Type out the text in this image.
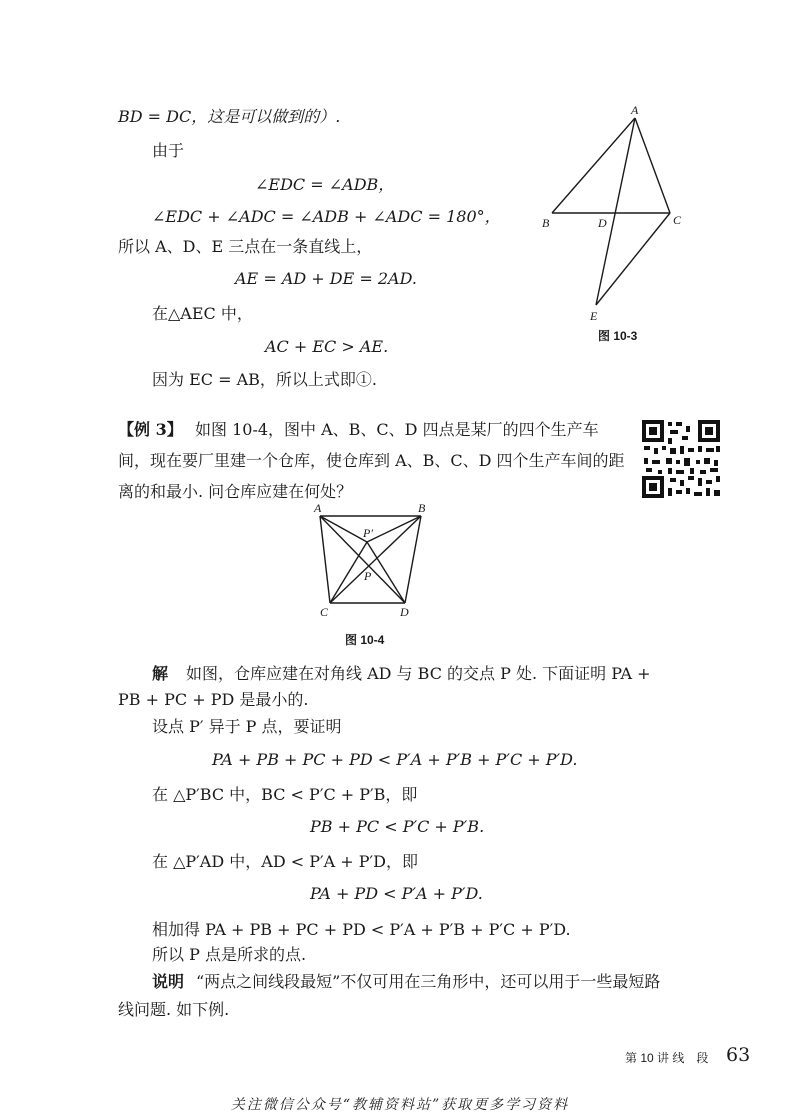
BD = DC，这是可以做到的）.
由于
∠EDC = ∠ADB，
∠EDC + ∠ADC = ∠ADB + ∠ADC = 180°，
所以 A、D、E 三点在一条直线上，
AE = AD + DE = 2AD.
在△AEC 中，
AC + EC > AE.
因为 EC = AB，所以上式即①.
A
B	D	C
E
图 10-3
【例 3】 如图 10-4，图中 A、B、C、D 四点是某厂的四个生产车
间，现在要厂里建一个仓库，使仓库到 A、B、C、D 四个生产车间的距
离的和最小. 问仓库应建在何处？
A	B
P′
P
C	D
图 10-4
解 如图，仓库应建在对角线 AD 与 BC 的交点 P 处. 下面证明 PA +
PB + PC + PD 是最小的.
设点 P′ 异于 P 点，要证明
PA + PB + PC + PD < P′A + P′B + P′C + P′D.
在 △P′BC 中，BC < P′C + P′B，即
PB + PC < P′C + P′B.
在 △P′AD 中，AD < P′A + P′D，即
PA + PD < P′A + P′D.
相加得 PA + PB + PC + PD < P′A + P′B + P′C + P′D.
所以 P 点是所求的点.
说明 “两点之间线段最短”不仅可用在三角形中，还可以用于一些最短路
线问题. 如下例.
第 10 讲 线　段 63
关注微信公众号“教辅资料站”获取更多学习资料
